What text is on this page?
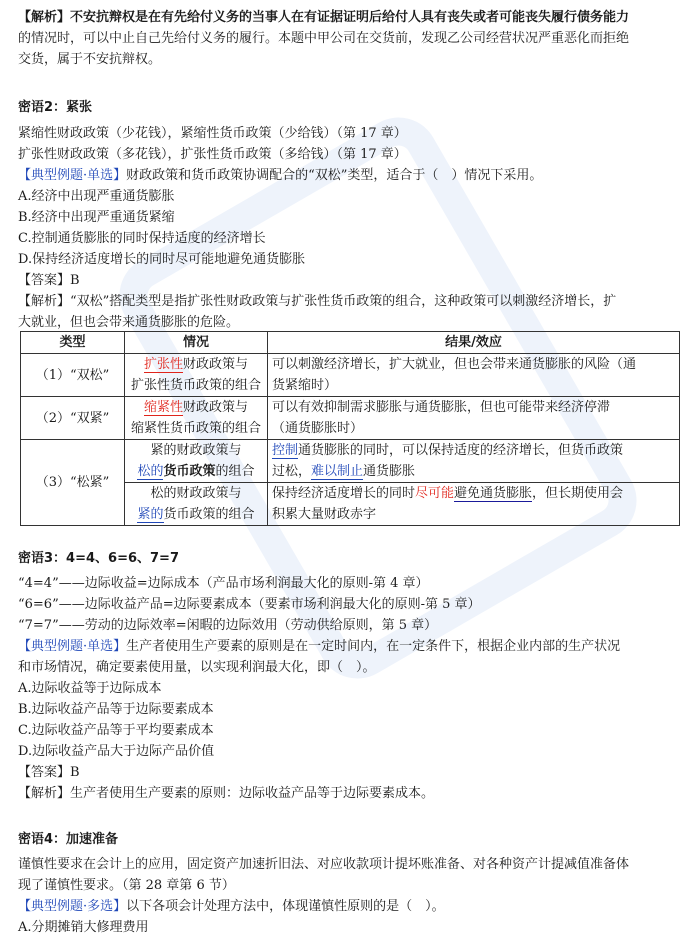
【解析】不安抗辩权是在有先给付义务的当事人在有证据证明后给付人具有丧失或者可能丧失履行债务能力
的情况时，可以中止自己先给付义务的履行。本题中甲公司在交货前，发现乙公司经营状况严重恶化而拒绝
交货，属于不安抗辩权。
密语2：紧张
紧缩性财政政策（少花钱），紧缩性货币政策（少给钱）（第 17 章）
扩张性财政政策（多花钱），扩张性货币政策（多给钱）（第 17 章）
【典型例题·单选】财政政策和货币政策协调配合的“双松”类型，适合于（　）情况下采用。
A.经济中出现严重通货膨胀
B.经济中出现严重通货紧缩
C.控制通货膨胀的同时保持适度的经济增长
D.保持经济适度增长的同时尽可能地避免通货膨胀
【答案】B
【解析】“双松”搭配类型是指扩张性财政政策与扩张性货币政策的组合，这种政策可以刺激经济增长，扩
大就业，但也会带来通货膨胀的危险。
类型	情况	结果/效应
（1）“双松”	扩张性财政政策与
扩张性货币政策的组合	可以刺激经济增长，扩大就业，但也会带来通货膨胀的风险（通
货紧缩时）
（2）“双紧”	缩紧性财政政策与
缩紧性货币政策的组合	可以有效抑制需求膨胀与通货膨胀，但也可能带来经济停滞
（通货膨胀时）
（3）“松紧”	紧的财政政策与
松的货币政策的组合	控制通货膨胀的同时，可以保持适度的经济增长，但货币政策
过松，难以制止通货膨胀
	松的财政政策与
紧的货币政策的组合	保持经济适度增长的同时尽可能避免通货膨胀，但长期使用会
积累大量财政赤字
密语3：4=4、6=6、7=7
“4=4”——边际收益=边际成本（产品市场利润最大化的原则-第 4 章）
“6=6”——边际收益产品=边际要素成本（要素市场利润最大化的原则-第 5 章）
“7=7”——劳动的边际效率=闲暇的边际效用（劳动供给原则，第 5 章）
【典型例题·单选】生产者使用生产要素的原则是在一定时间内，在一定条件下，根据企业内部的生产状况
和市场情况，确定要素使用量，以实现利润最大化，即（　）。
A.边际收益等于边际成本
B.边际收益产品等于边际要素成本
C.边际收益产品等于平均要素成本
D.边际收益产品大于边际产品价值
【答案】B
【解析】生产者使用生产要素的原则：边际收益产品等于边际要素成本。
密语4：加速准备
谨慎性要求在会计上的应用，固定资产加速折旧法、对应收款项计提坏账准备、对各种资产计提减值准备体
现了谨慎性要求。（第 28 章第 6 节）
【典型例题·多选】以下各项会计处理方法中，体现谨慎性原则的是（　）。
A.分期摊销大修理费用
